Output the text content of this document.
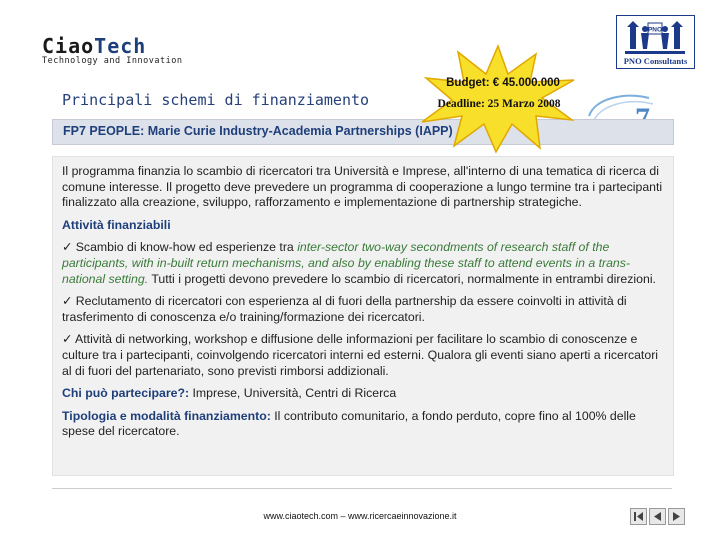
CiaoTech
Technology and Innovation
PNO
PNO Consultants
Principali schemi di finanziamento
FP7 PEOPLE: Marie Curie Industry-Academia Partnerships (IAPP)
Budget: € 45.000.000
Deadline: 25 Marzo 2008

Il programma finanzia lo scambio di ricercatori tra Università e Imprese, all'interno di una tematica di ricerca di comune interesse. Il progetto deve prevedere un programma di cooperazione a lungo termine tra i partecipanti finalizzato alla creazione, sviluppo, rafforzamento e implementazione di partnership strategiche.

Attività finanziabili

✓ Scambio di know-how ed esperienze tra inter-sector two-way secondments of research staff of the participants, with in-built return mechanisms, and also by enabling these staff to attend events in a trans-national setting. Tutti i progetti devono prevedere lo scambio di ricercatori, normalmente in entrambi direzioni.

✓ Reclutamento di ricercatori con esperienza al di fuori della partnership da essere coinvolti in attività di trasferimento di conoscenza e/o training/formazione dei ricercatori.

✓ Attività di networking, workshop e diffusione delle informazioni per facilitare lo scambio di conoscenze e culture tra i partecipanti, coinvolgendo ricercatori interni ed esterni. Qualora gli eventi siano aperti a ricercatori al di fuori del partenariato, sono previsti rimborsi addizionali.

Chi può partecipare?: Imprese, Università, Centri di Ricerca

Tipologia e modalità finanziamento: Il contributo comunitario, a fondo perduto, copre fino al 100% delle spese del ricercatore.

www.ciaotech.com – www.ricercaeinnovazione.it
